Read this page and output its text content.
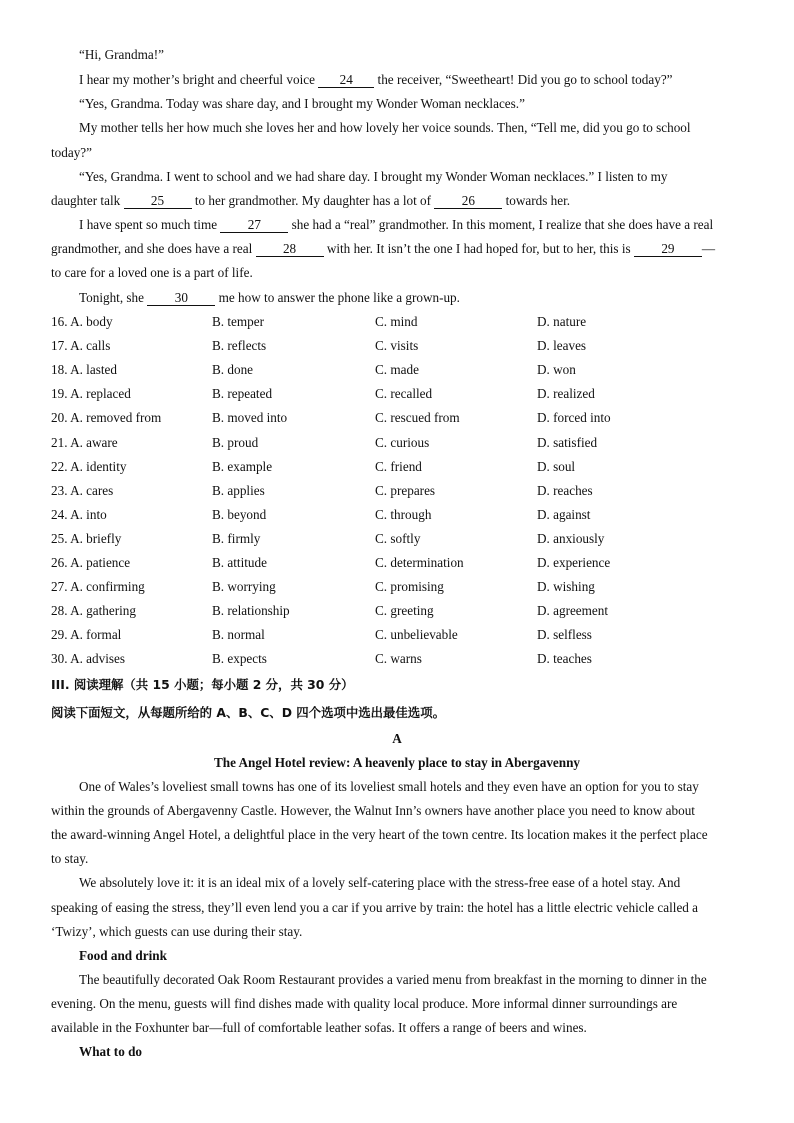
“Hi, Grandma!”
I hear my mother’s bright and cheerful voice 24 the receiver, “Sweetheart! Did you go to school today?”
“Yes, Grandma. Today was share day, and I brought my Wonder Woman necklaces.”
My mother tells her how much she loves her and how lovely her voice sounds. Then, “Tell me, did you go to school
today?”
“Yes, Grandma. I went to school and we had share day. I brought my Wonder Woman necklaces.” I listen to my
daughter talk 25 to her grandmother. My daughter has a lot of 26 towards her.
I have spent so much time 27 she had a “real” grandmother. In this moment, I realize that she does have a real
grandmother, and she does have a real 28 with her. It isn’t the one I had hoped for, but to her, this is 29 —
to care for a loved one is a part of life.
Tonight, she 30 me how to answer the phone like a grown-up.
16. A. body	B. temper	C. mind	D. nature
17. A. calls	B. reflects	C. visits	D. leaves
18. A. lasted	B. done	C. made	D. won
19. A. replaced	B. repeated	C. recalled	D. realized
20. A. removed from	B. moved into	C. rescued from	D. forced into
21. A. aware	B. proud	C. curious	D. satisfied
22. A. identity	B. example	C. friend	D. soul
23. A. cares	B. applies	C. prepares	D. reaches
24. A. into	B. beyond	C. through	D. against
25. A. briefly	B. firmly	C. softly	D. anxiously
26. A. patience	B. attitude	C. determination	D. experience
27. A. confirming	B. worrying	C. promising	D. wishing
28. A. gathering	B. relationship	C. greeting	D. agreement
29. A. formal	B. normal	C. unbelievable	D. selfless
30. A. advises	B. expects	C. warns	D. teaches
III. 阅读理解（共 15 小题；每小题 2 分，共 30 分）
阅读下面短文，从每题所给的 A、B、C、D 四个选项中选出最佳选项。
A
The Angel Hotel review: A heavenly place to stay in Abergavenny
One of Wales’s loveliest small towns has one of its loveliest small hotels and they even have an option for you to stay
within the grounds of Abergavenny Castle. However, the Walnut Inn’s owners have another place you need to know about
the award-winning Angel Hotel, a delightful place in the very heart of the town centre. Its location makes it the perfect place
to stay.
We absolutely love it: it is an ideal mix of a lovely self-catering place with the stress-free ease of a hotel stay. And
speaking of easing the stress, they’ll even lend you a car if you arrive by train: the hotel has a little electric vehicle called a
‘Twizy’, which guests can use during their stay.
Food and drink
The beautifully decorated Oak Room Restaurant provides a varied menu from breakfast in the morning to dinner in the
evening. On the menu, guests will find dishes made with quality local produce. More informal dinner surroundings are
available in the Foxhunter bar—full of comfortable leather sofas. It offers a range of beers and wines.
What to do
